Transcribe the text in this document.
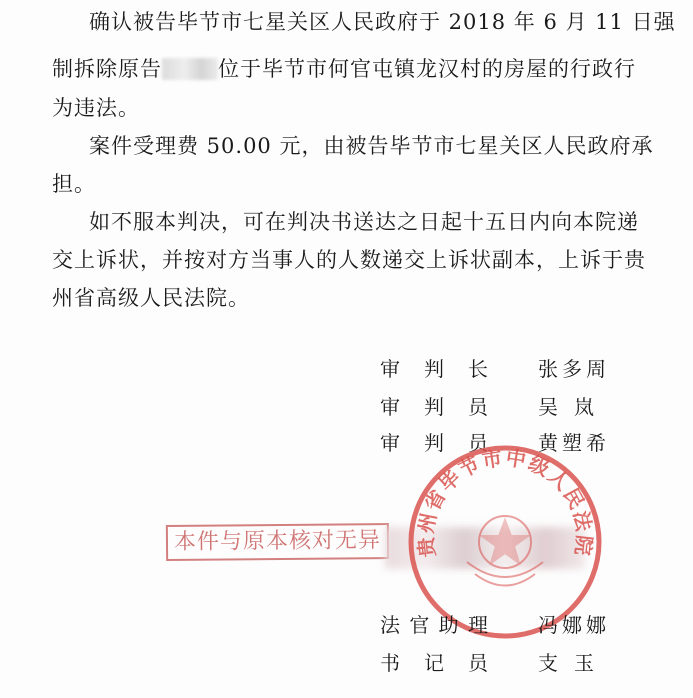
确认被告毕节市七星关区人民政府于 2018 年 6 月 11 日强
制拆除原告	位于毕节市何官屯镇龙汉村的房屋的行政行
为违法。
案件受理费 50.00 元，由被告毕节市七星关区人民政府承
担。
如不服本判决，可在判决书送达之日起十五日内向本院递
交上诉状，并按对方当事人的人数递交上诉状副本，上诉于贵
州省高级人民法院。
审 判 长	张多周
审 判 员	吴岚
审 判 员	黄塑希
本件与原本核对无异	贵州省毕节市中级人民法院
法 官 助 理	冯娜娜
书 记 员	支玉
